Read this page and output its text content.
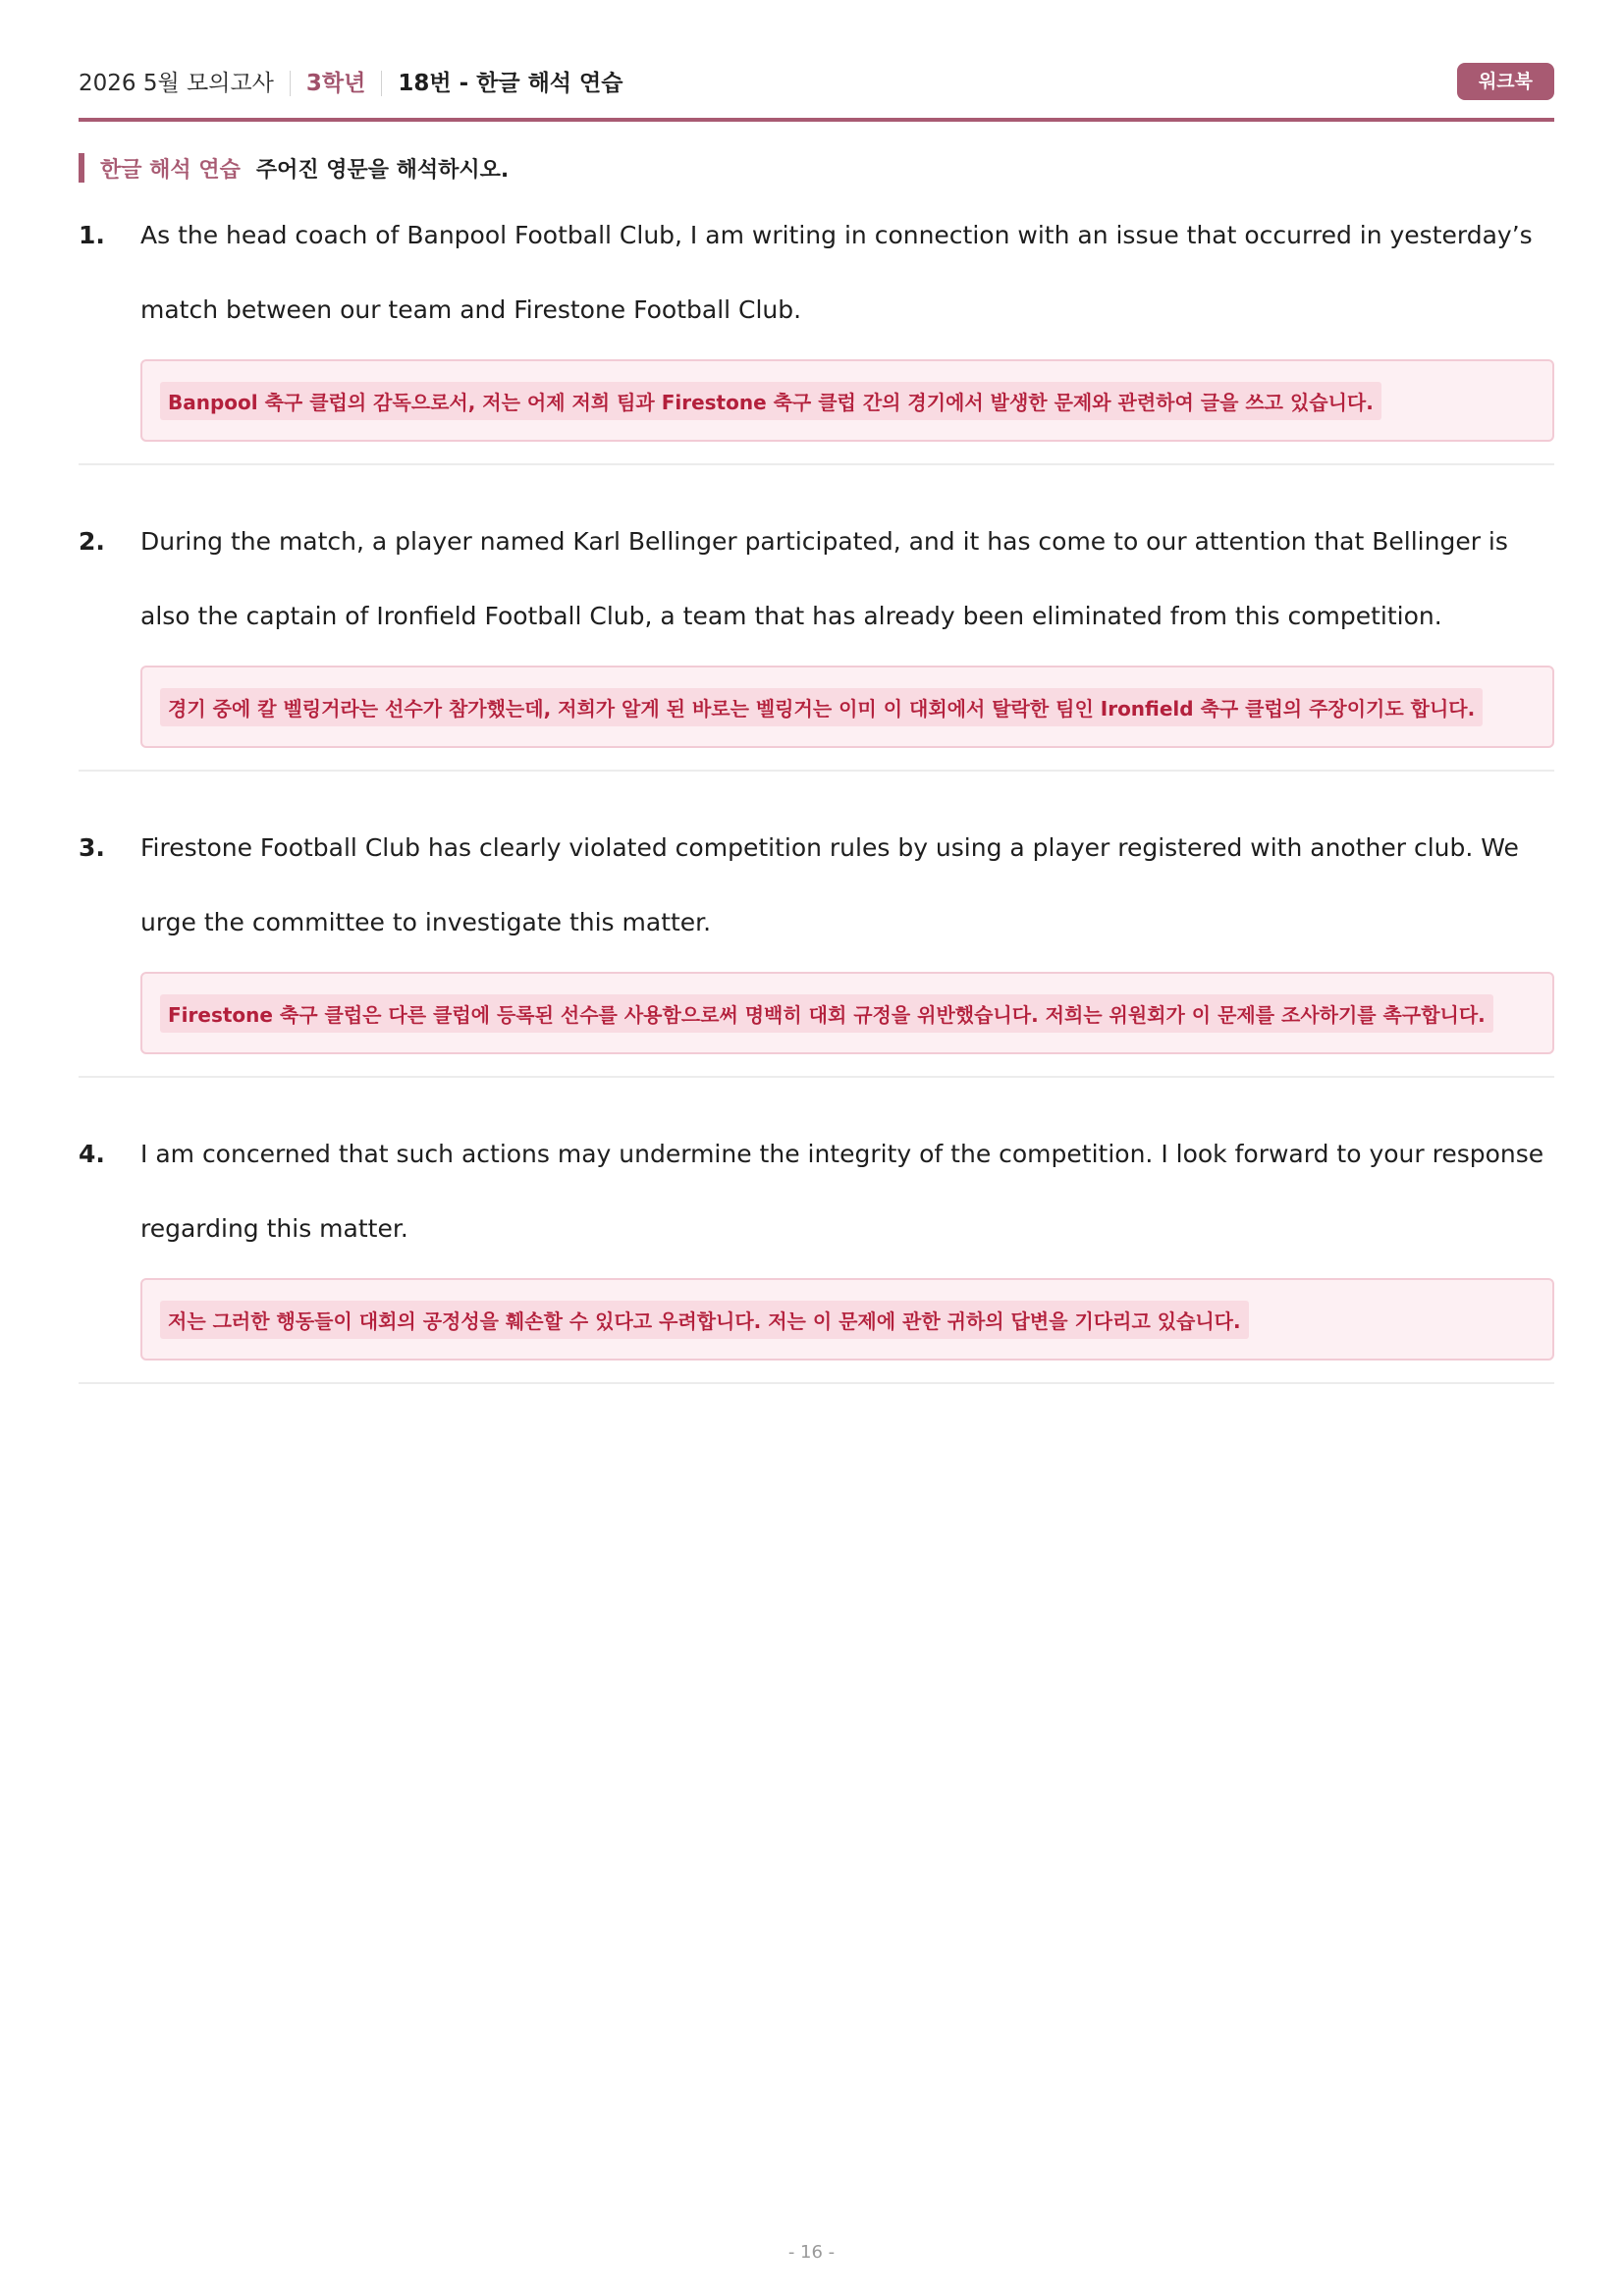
2026 5월 모의고사 3학년 18번 - 한글 해석 연습	워크북
한글 해석 연습 주어진 영문을 해석하시오.
1. As the head coach of Banpool Football Club, I am writing in connection with an issue that occurred in yesterday’s match between our team and Firestone Football Club.
Banpool 축구 클럽의 감독으로서, 저는 어제 저희 팀과 Firestone 축구 클럽 간의 경기에서 발생한 문제와 관련하여 글을 쓰고 있습니다.
2. During the match, a player named Karl Bellinger participated, and it has come to our attention that Bellinger is also the captain of Ironfield Football Club, a team that has already been eliminated from this competition.
경기 중에 칼 벨링거라는 선수가 참가했는데, 저희가 알게 된 바로는 벨링거는 이미 이 대회에서 탈락한 팀인 Ironfield 축구 클럽의 주장이기도 합니다.
3. Firestone Football Club has clearly violated competition rules by using a player registered with another club. We urge the committee to investigate this matter.
Firestone 축구 클럽은 다른 클럽에 등록된 선수를 사용함으로써 명백히 대회 규정을 위반했습니다. 저희는 위원회가 이 문제를 조사하기를 촉구합니다.
4. I am concerned that such actions may undermine the integrity of the competition. I look forward to your response regarding this matter.
저는 그러한 행동들이 대회의 공정성을 훼손할 수 있다고 우려합니다. 저는 이 문제에 관한 귀하의 답변을 기다리고 있습니다.
- 16 -
